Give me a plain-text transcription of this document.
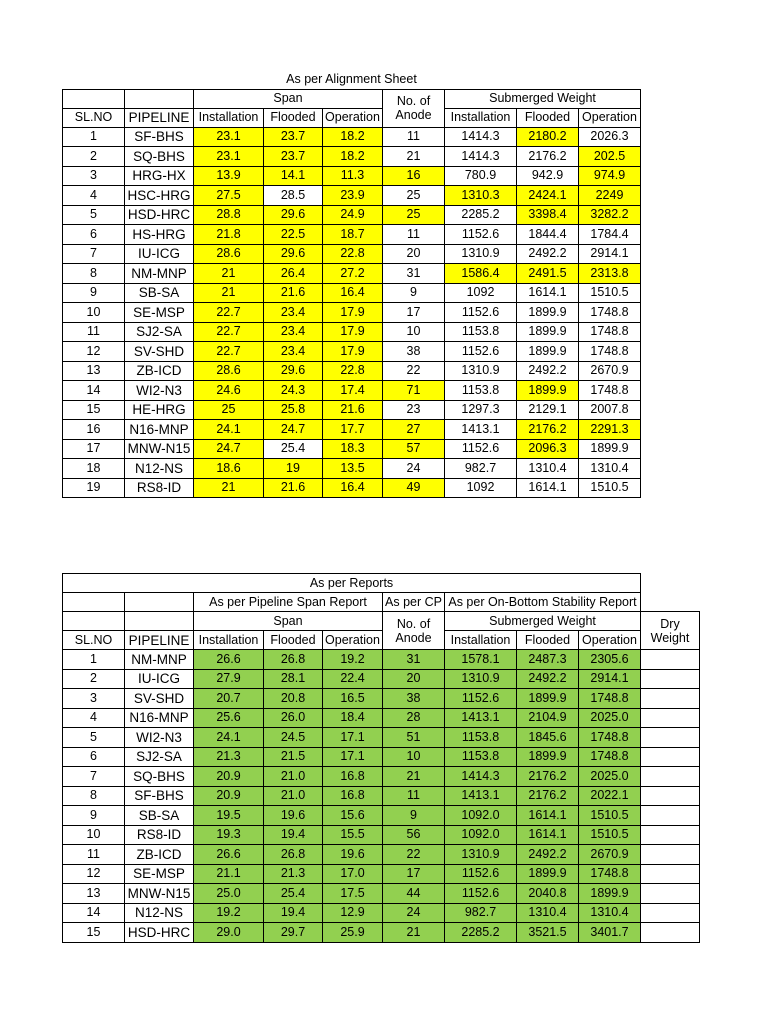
As per Alignment Sheet								
		Span			No. of Anode	Submerged Weight		
SL.NO	PIPELINE	Installation	Flooded	Operation		Installation	Flooded	Operation
1	SF-BHS	23.1	23.7	18.2	11	1414.3	2180.2	2026.3
2	SQ-BHS	23.1	23.7	18.2	21	1414.3	2176.2	202.5
3	HRG-HX	13.9	14.1	11.3	16	780.9	942.9	974.9
4	HSC-HRG	27.5	28.5	23.9	25	1310.3	2424.1	2249
5	HSD-HRC	28.8	29.6	24.9	25	2285.2	3398.4	3282.2
6	HS-HRG	21.8	22.5	18.7	11	1152.6	1844.4	1784.4
7	IU-ICG	28.6	29.6	22.8	20	1310.9	2492.2	2914.1
8	NM-MNP	21	26.4	27.2	31	1586.4	2491.5	2313.8
9	SB-SA	21	21.6	16.4	9	1092	1614.1	1510.5
10	SE-MSP	22.7	23.4	17.9	17	1152.6	1899.9	1748.8
11	SJ2-SA	22.7	23.4	17.9	10	1153.8	1899.9	1748.8
12	SV-SHD	22.7	23.4	17.9	38	1152.6	1899.9	1748.8
13	ZB-ICD	28.6	29.6	22.8	22	1310.9	2492.2	2670.9
14	WI2-N3	24.6	24.3	17.4	71	1153.8	1899.9	1748.8
15	HE-HRG	25	25.8	21.6	23	1297.3	2129.1	2007.8
16	N16-MNP	24.1	24.7	17.7	27	1413.1	2176.2	2291.3
17	MNW-N15	24.7	25.4	18.3	57	1152.6	2096.3	1899.9
18	N12-NS	18.6	19	13.5	24	982.7	1310.4	1310.4
19	RS8-ID	21	21.6	16.4	49	1092	1614.1	1510.5
As per Reports									
		As per Pipeline Span Report			As per CP	As per On-Bottom Stability Report			
		Span			No. of Anode	Submerged Weight			Dry Weight
SL.NO	PIPELINE	Installation	Flooded	Operation		Installation	Flooded	Operation	
1	NM-MNP	26.6	26.8	19.2	31	1578.1	2487.3	2305.6	
2	IU-ICG	27.9	28.1	22.4	20	1310.9	2492.2	2914.1	
3	SV-SHD	20.7	20.8	16.5	38	1152.6	1899.9	1748.8	
4	N16-MNP	25.6	26.0	18.4	28	1413.1	2104.9	2025.0	
5	WI2-N3	24.1	24.5	17.1	51	1153.8	1845.6	1748.8	
6	SJ2-SA	21.3	21.5	17.1	10	1153.8	1899.9	1748.8	
7	SQ-BHS	20.9	21.0	16.8	21	1414.3	2176.2	2025.0	
8	SF-BHS	20.9	21.0	16.8	11	1413.1	2176.2	2022.1	
9	SB-SA	19.5	19.6	15.6	9	1092.0	1614.1	1510.5	
10	RS8-ID	19.3	19.4	15.5	56	1092.0	1614.1	1510.5	
11	ZB-ICD	26.6	26.8	19.6	22	1310.9	2492.2	2670.9	
12	SE-MSP	21.1	21.3	17.0	17	1152.6	1899.9	1748.8	
13	MNW-N15	25.0	25.4	17.5	44	1152.6	2040.8	1899.9	
14	N12-NS	19.2	19.4	12.9	24	982.7	1310.4	1310.4	
15	HSD-HRC	29.0	29.7	25.9	21	2285.2	3521.5	3401.7	
